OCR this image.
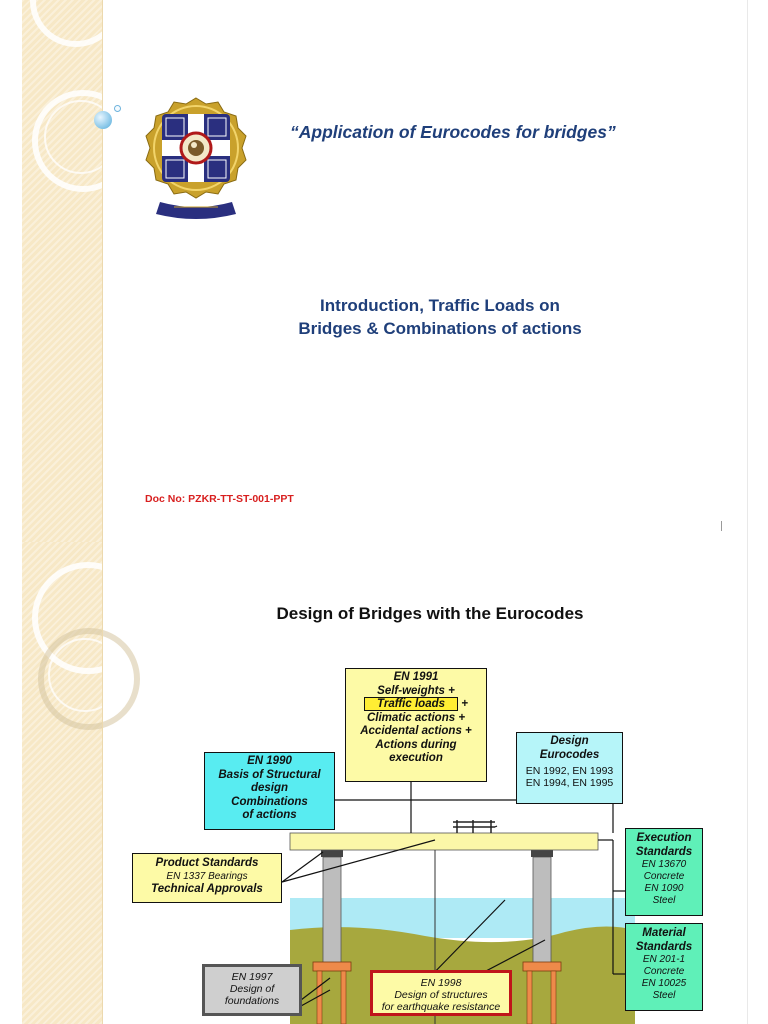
“Application of Eurocodes for bridges”
Introduction, Traffic Loads on
Bridges & Combinations of actions
Doc No: PZKR-TT-ST-001-PPT
Design of Bridges with the Eurocodes
EN 1991
Self-weights +
Traffic loads +
Climatic actions +
Accidental actions +
Actions during
execution
EN 1990
Basis of Structural
design
Combinations
of actions
Design
Eurocodes
EN 1992, EN 1993
EN 1994, EN 1995
Product Standards
EN 1337 Bearings
Technical Approvals
Execution
Standards
EN 13670
Concrete
EN 1090
Steel
Material
Standards
EN 201-1
Concrete
EN 10025
Steel
EN 1997
Design of
foundations
EN 1998
Design of structures
for earthquake resistance
